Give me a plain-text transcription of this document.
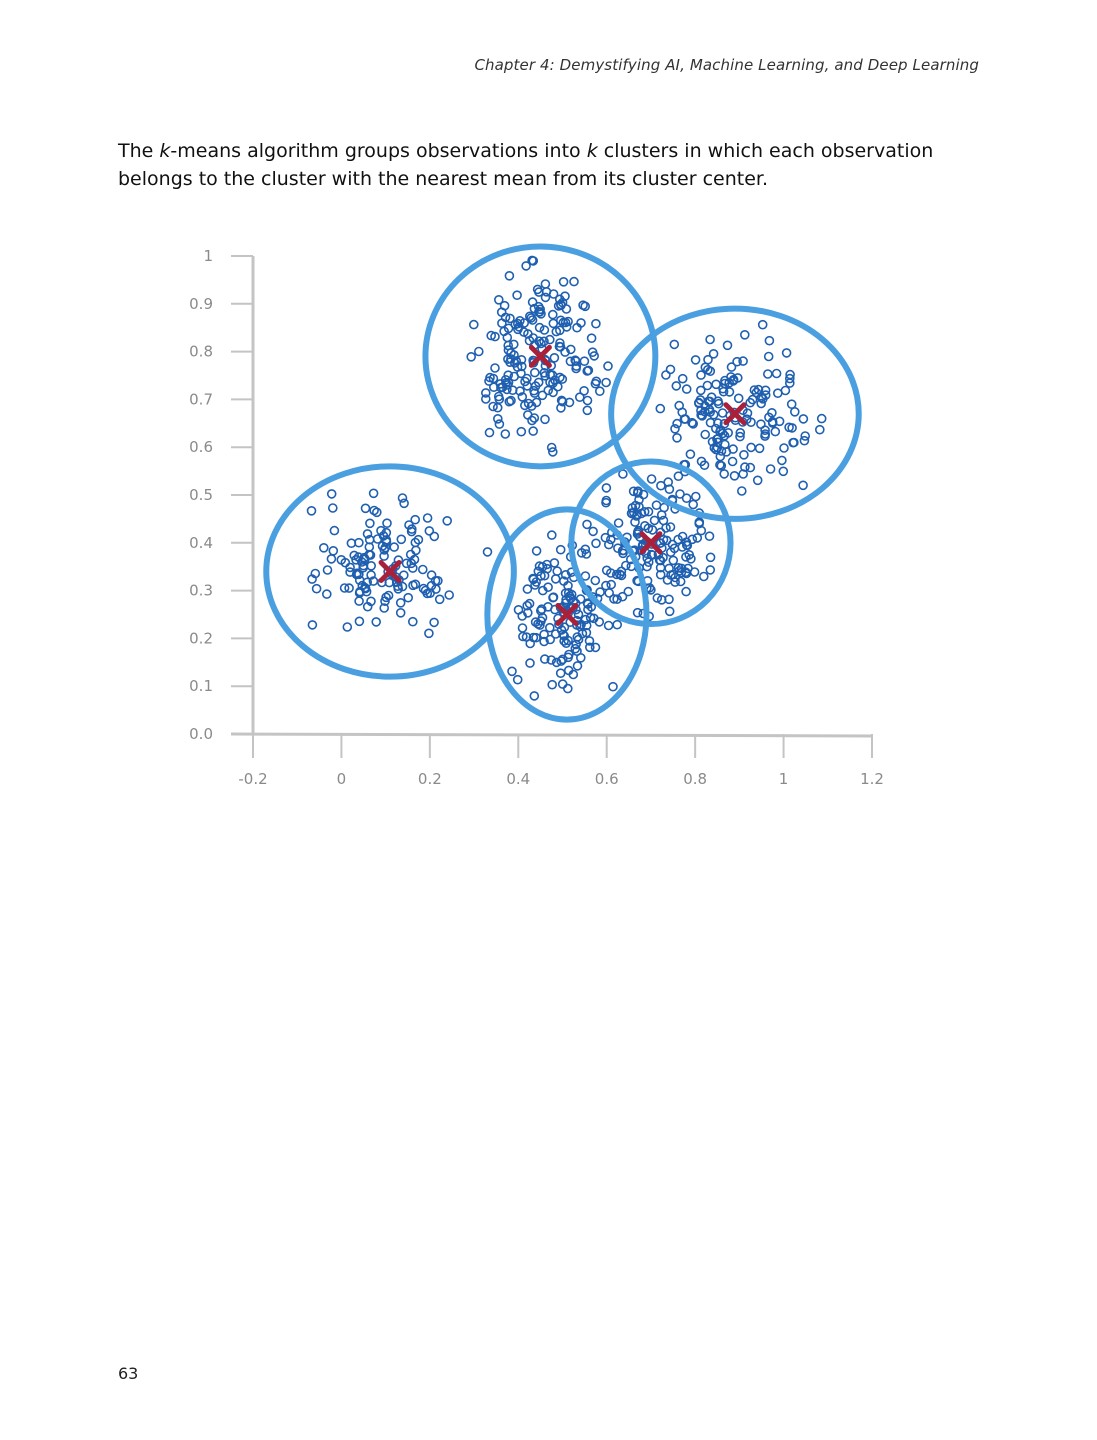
Chapter 4: Demystifying AI, Machine Learning, and Deep Learning

The k-means algorithm groups observations into k clusters in which each observation belongs to the cluster with the nearest mean from its cluster center.

0.0
0.1
0.2
0.3
0.4
0.5
0.6
0.7
0.8
0.9
1
-0.2	0	0.2	0.4	0.6	0.8	1	1.2
63
